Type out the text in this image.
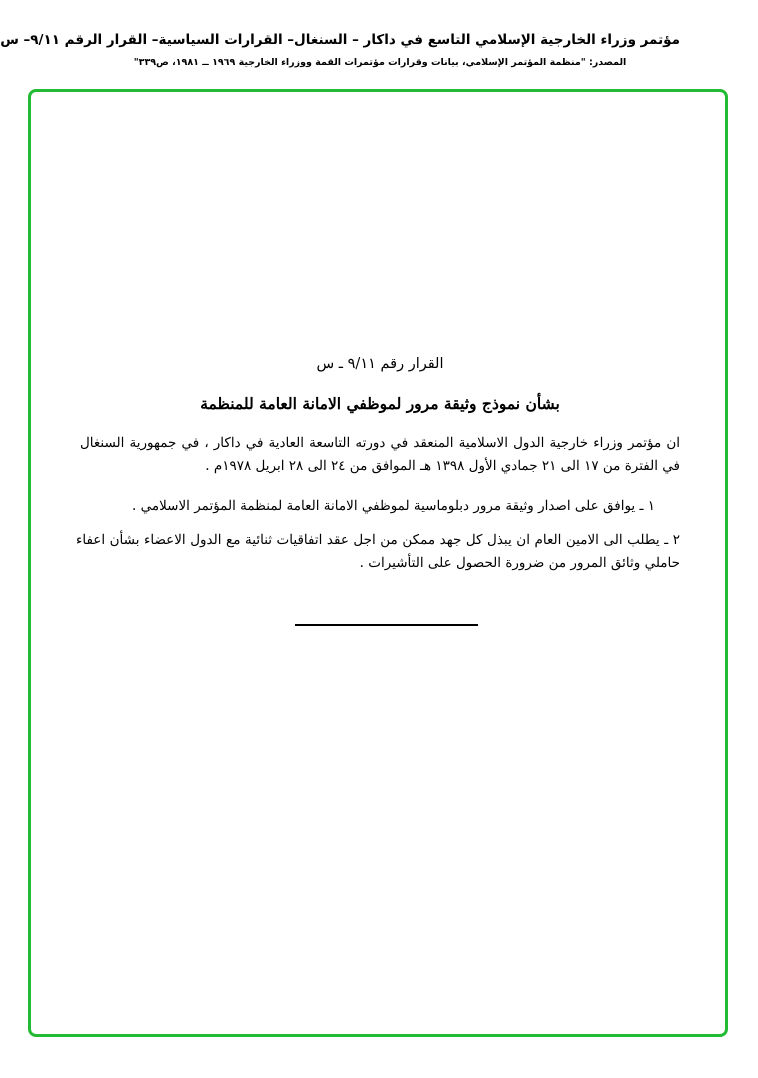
مؤتمر وزراء الخارجية الإسلامي التاسع في داكار – السنغال– القرارات السياسية– القرار الرقم ٩/١١– س
المصدر: "منظمة المؤتمر الإسلامي، بيانات وقرارات مؤتمرات القمة ووزراء الخارجية ١٩٦٩ ــ ١٩٨١، ص٣٣٩"
القرار رقم ٩/١١ ـ س
بشأن نموذج وثيقة مرور لموظفي الامانة العامة للمنظمة
ان مؤتمر وزراء خارجية الدول الاسلامية المنعقد في دورته التاسعة العادية في داكار ، في جمهورية السنغال في الفترة من ١٧ الى ٢١ جمادي الأول ١٣٩٨ هـ الموافق من ٢٤ الى ٢٨ ابريل ١٩٧٨م .
١ ـ يوافق على اصدار وثيقة مرور دبلوماسية لموظفي الامانة العامة لمنظمة المؤتمر الاسلامي .
٢ ـ يطلب الى الامين العام ان يبذل كل جهد ممكن من اجل عقد اتفاقيات ثنائية مع الدول الاعضاء بشأن اعفاء حاملي وثائق المرور من ضرورة الحصول على التأشيرات .
